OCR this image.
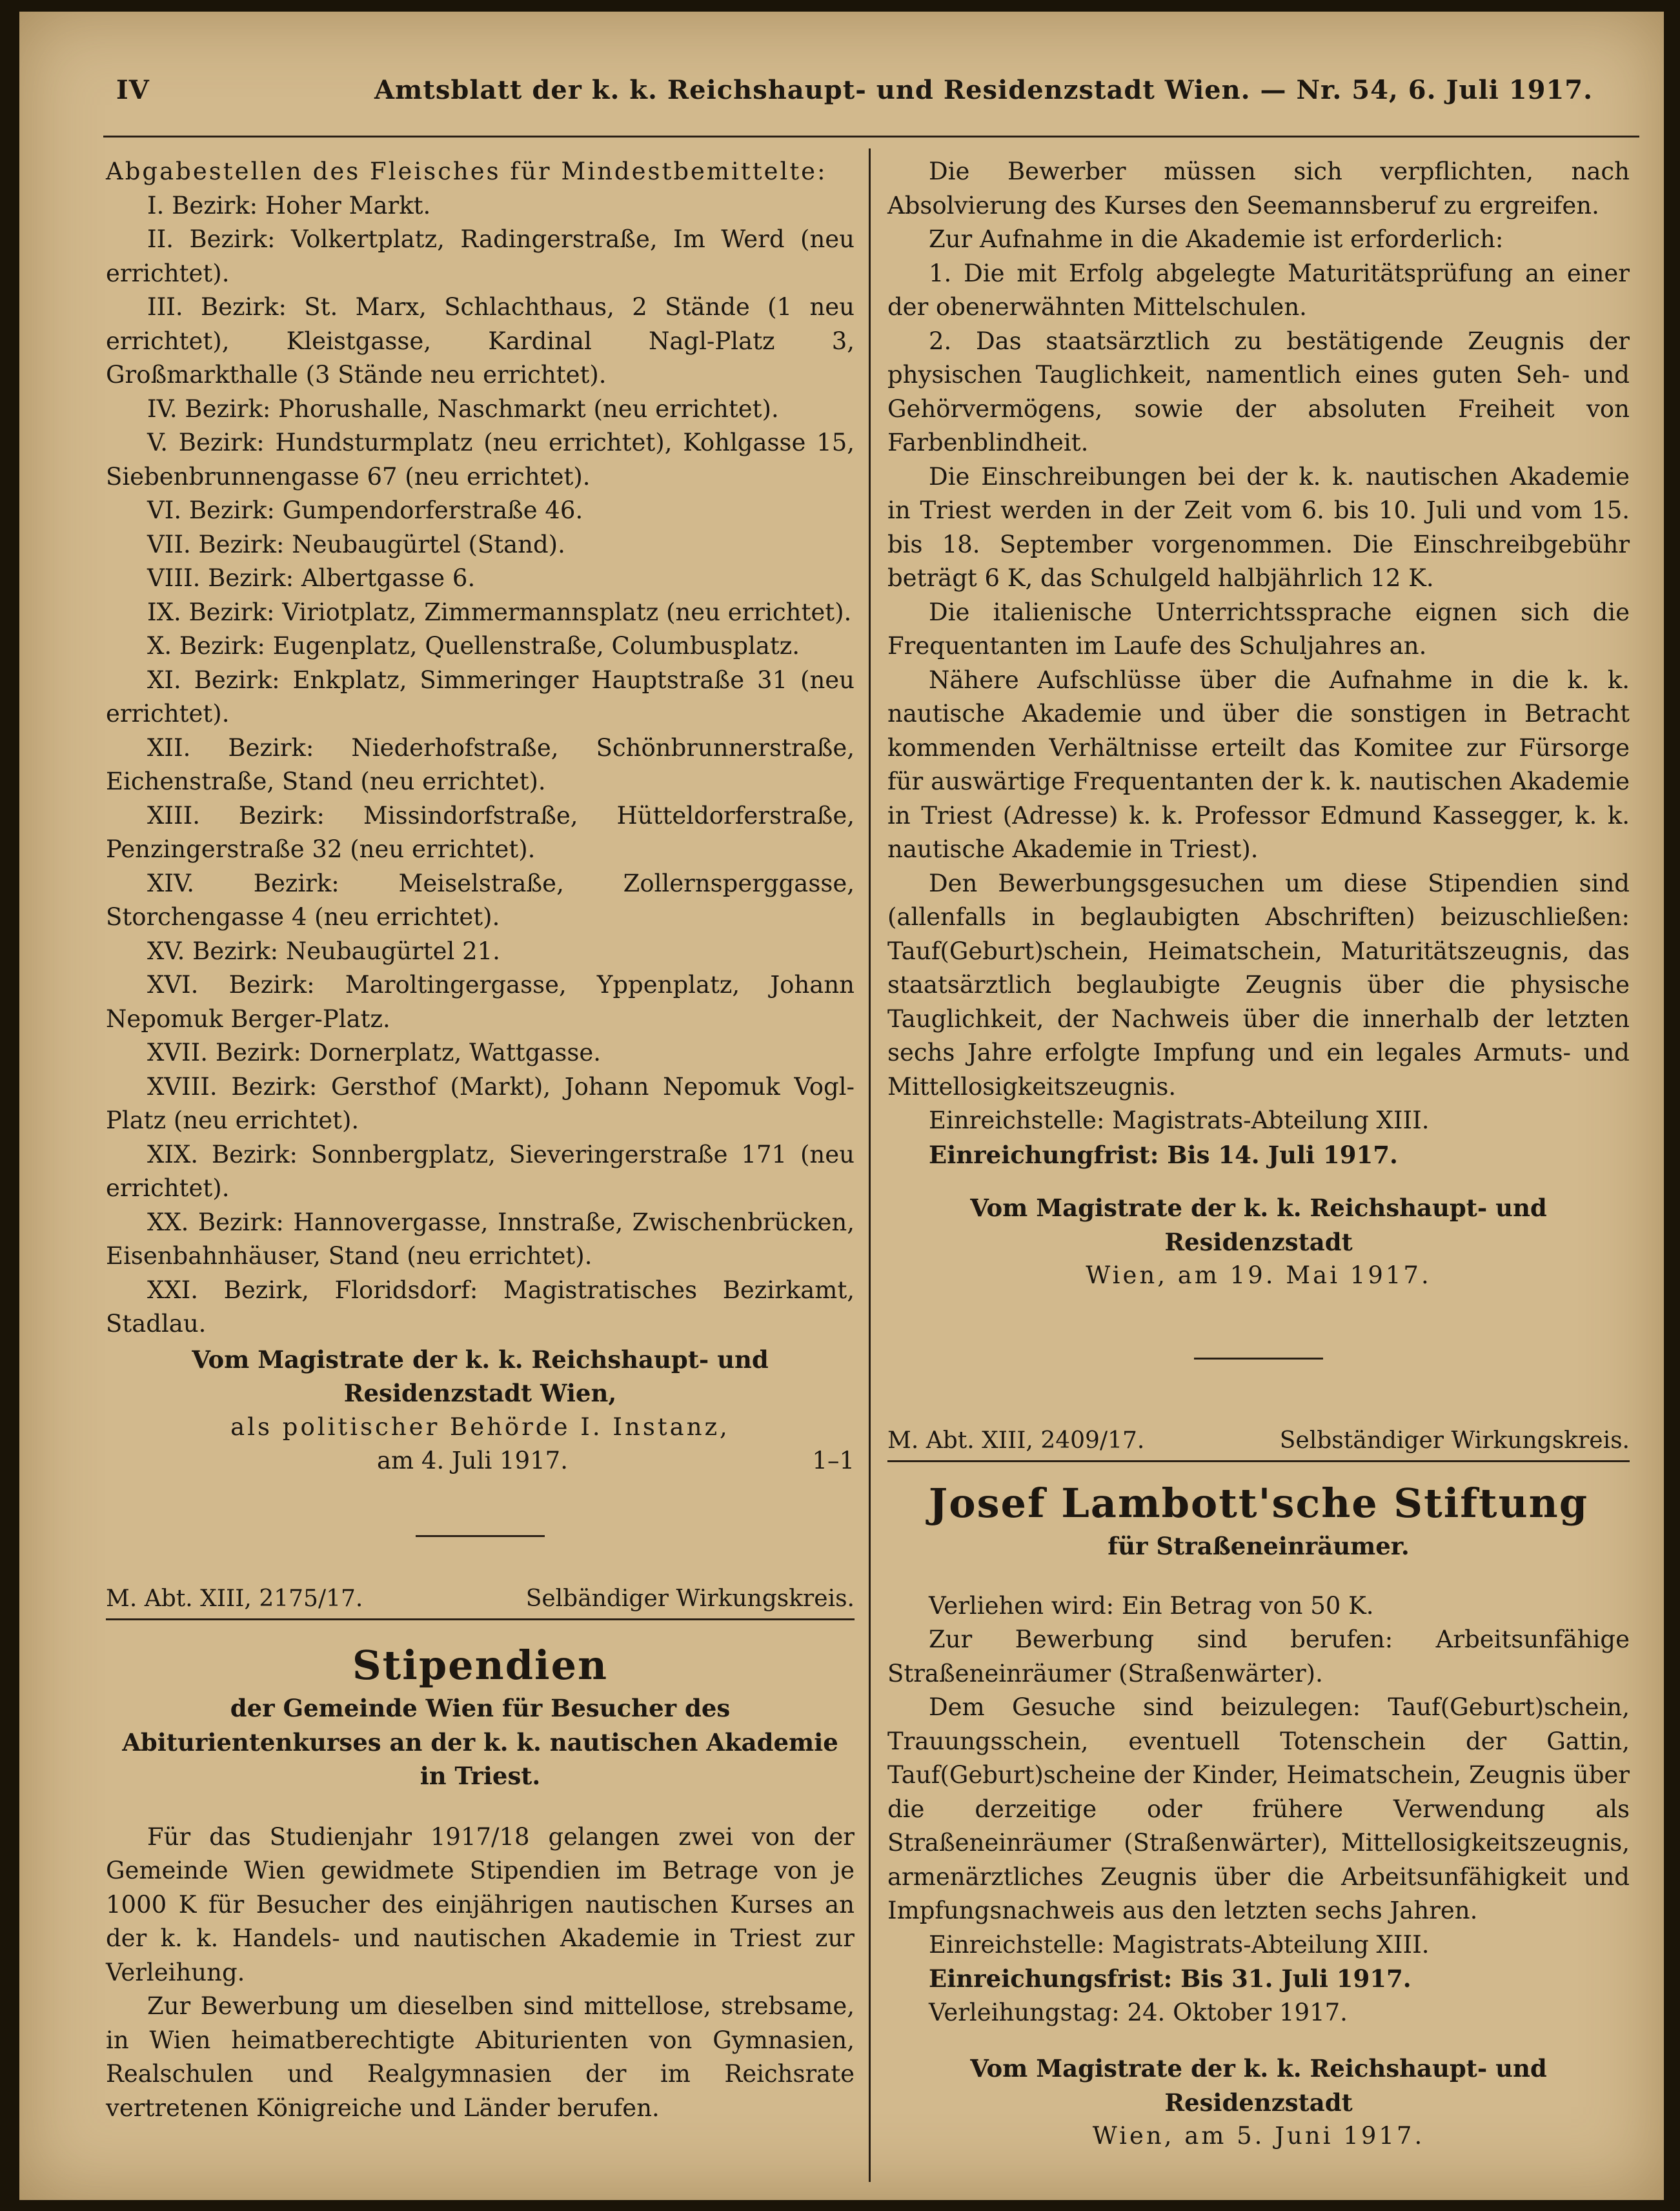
IV	Amtsblatt der k. k. Reichshaupt- und Residenzstadt Wien. — Nr. 54, 6. Juli 1917.

Abgabestellen des Fleisches für Mindestbemittelte:

I. Bezirk: Hoher Markt.

II. Bezirk: Volkertplatz, Radingerstraße, Im Werd (neu errichtet).

III. Bezirk: St. Marx, Schlachthaus, 2 Stände (1 neu errichtet), Kleistgasse, Kardinal Nagl-Platz 3, Großmarkthalle (3 Stände neu errichtet).

IV. Bezirk: Phorushalle, Naschmarkt (neu errichtet).

V. Bezirk: Hundsturmplatz (neu errichtet), Kohlgasse 15, Siebenbrunnengasse 67 (neu errichtet).

VI. Bezirk: Gumpendorferstraße 46.

VII. Bezirk: Neubaugürtel (Stand).

VIII. Bezirk: Albertgasse 6.

IX. Bezirk: Viriotplatz, Zimmermannsplatz (neu errichtet).

X. Bezirk: Eugenplatz, Quellenstraße, Columbusplatz.

XI. Bezirk: Enkplatz, Simmeringer Hauptstraße 31 (neu errichtet).

XII. Bezirk: Niederhofstraße, Schönbrunnerstraße, Eichenstraße, Stand (neu errichtet).

XIII. Bezirk: Missindorfstraße, Hütteldorferstraße, Penzingerstraße 32 (neu errichtet).

XIV. Bezirk: Meiselstraße, Zollernsperggasse, Storchengasse 4 (neu errichtet).

XV. Bezirk: Neubaugürtel 21.

XVI. Bezirk: Maroltingergasse, Yppenplatz, Johann Nepomuk Berger-Platz.

XVII. Bezirk: Dornerplatz, Wattgasse.

XVIII. Bezirk: Gersthof (Markt), Johann Nepomuk Vogl-Platz (neu errichtet).

XIX. Bezirk: Sonnbergplatz, Sieveringerstraße 171 (neu errichtet).

XX. Bezirk: Hannovergasse, Innstraße, Zwischenbrücken, Eisenbahnhäuser, Stand (neu errichtet).

XXI. Bezirk, Floridsdorf: Magistratisches Bezirkamt, Stadlau.

Vom Magistrate der k. k. Reichshaupt- und Residenzstadt Wien,

als politischer Behörde I. Instanz,

am 4. Juli 1917.	1–1
M. Abt. XIII, 2175/17.	Selbändiger Wirkungskreis.
Stipendien

der Gemeinde Wien für Besucher des Abiturientenkurses an der k. k. nautischen Akademie in Triest.

Für das Studienjahr 1917/18 gelangen zwei von der Gemeinde Wien gewidmete Stipendien im Betrage von je 1000 K für Besucher des einjährigen nautischen Kurses an der k. k. Handels- und nautischen Akademie in Triest zur Verleihung.

Zur Bewerbung um dieselben sind mittellose, strebsame, in Wien heimatberechtigte Abiturienten von Gymnasien, Realschulen und Realgymnasien der im Reichsrate vertretenen Königreiche und Länder berufen.

Die Bewerber müssen sich verpflichten, nach Absolvierung des Kurses den Seemannsberuf zu ergreifen.

Zur Aufnahme in die Akademie ist erforderlich:

1. Die mit Erfolg abgelegte Maturitätsprüfung an einer der obenerwähnten Mittelschulen.

2. Das staatsärztlich zu bestätigende Zeugnis der physischen Tauglichkeit, namentlich eines guten Seh- und Gehörvermögens, sowie der absoluten Freiheit von Farbenblindheit.

Die Einschreibungen bei der k. k. nautischen Akademie in Triest werden in der Zeit vom 6. bis 10. Juli und vom 15. bis 18. September vorgenommen. Die Einschreibgebühr beträgt 6 K, das Schulgeld halbjährlich 12 K.

Die italienische Unterrichtssprache eignen sich die Frequentanten im Laufe des Schuljahres an.

Nähere Aufschlüsse über die Aufnahme in die k. k. nautische Akademie und über die sonstigen in Betracht kommenden Verhältnisse erteilt das Komitee zur Fürsorge für auswärtige Frequentanten der k. k. nautischen Akademie in Triest (Adresse) k. k. Professor Edmund Kassegger, k. k. nautische Akademie in Triest).

Den Bewerbungsgesuchen um diese Stipendien sind (allenfalls in beglaubigten Abschriften) beizuschließen: Tauf(Geburt)schein, Heimatschein, Maturitätszeugnis, das staatsärztlich beglaubigte Zeugnis über die physische Tauglichkeit, der Nachweis über die innerhalb der letzten sechs Jahre erfolgte Impfung und ein legales Armuts- und Mittellosigkeitszeugnis.

Einreichstelle: Magistrats-Abteilung XIII.

Einreichungfrist: Bis 14. Juli 1917.

Vom Magistrate der k. k. Reichshaupt- und Residenzstadt

Wien, am 19. Mai 1917.

M. Abt. XIII, 2409/17.	Selbständiger Wirkungskreis.
Josef Lambott'sche Stiftung

für Straßeneinräumer.

Verliehen wird: Ein Betrag von 50 K.

Zur Bewerbung sind berufen: Arbeitsunfähige Straßeneinräumer (Straßenwärter).

Dem Gesuche sind beizulegen: Tauf(Geburt)schein, Trauungsschein, eventuell Totenschein der Gattin, Tauf(Geburt)scheine der Kinder, Heimatschein, Zeugnis über die derzeitige oder frühere Verwendung als Straßeneinräumer (Straßenwärter), Mittellosigkeitszeugnis, armenärztliches Zeugnis über die Arbeitsunfähigkeit und Impfungsnachweis aus den letzten sechs Jahren.

Einreichstelle: Magistrats-Abteilung XIII.

Einreichungsfrist: Bis 31. Juli 1917.

Verleihungstag: 24. Oktober 1917.

Vom Magistrate der k. k. Reichshaupt- und Residenzstadt

Wien, am 5. Juni 1917.
